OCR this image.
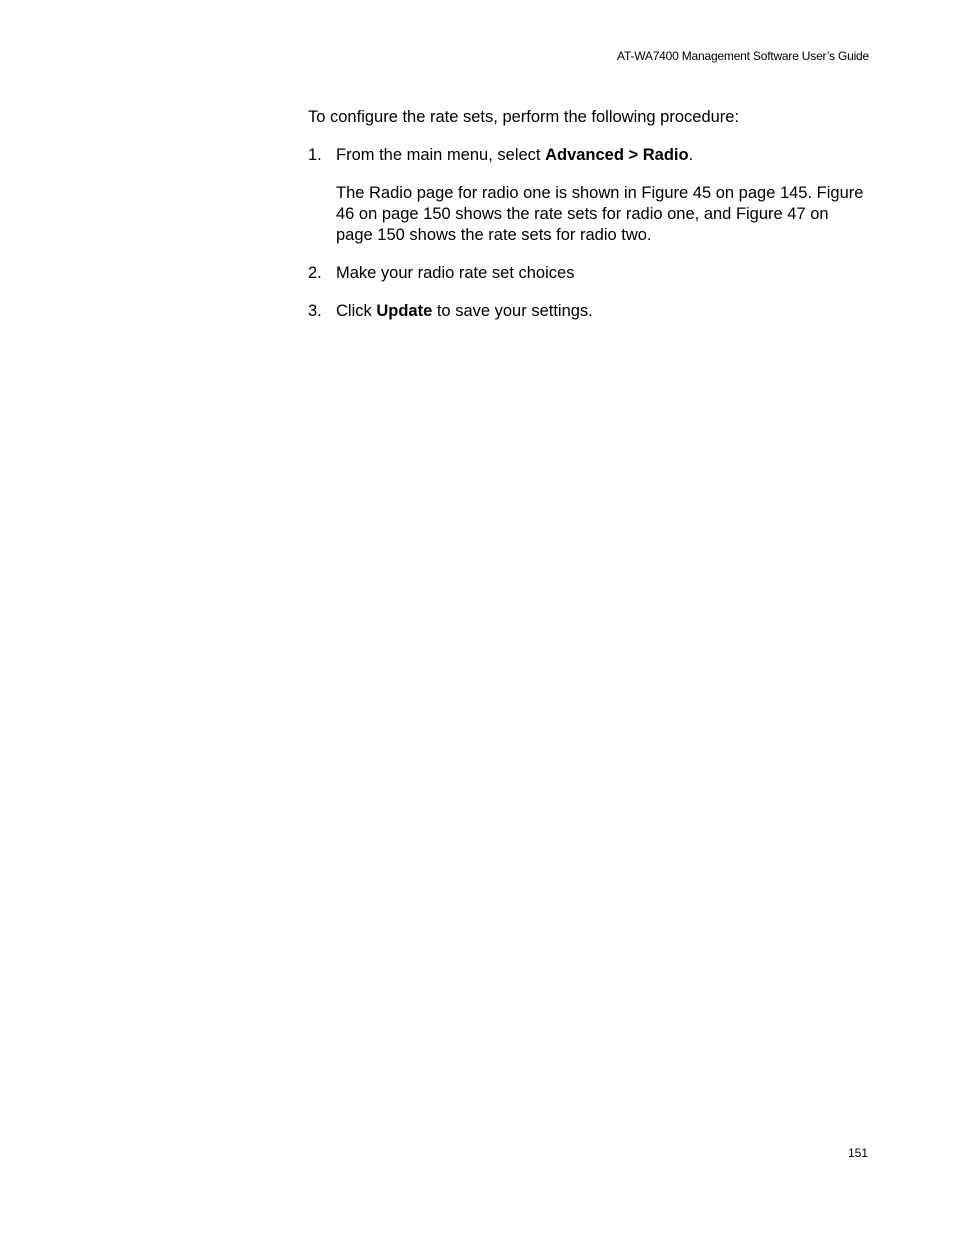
AT-WA7400 Management Software User’s Guide

To configure the rate sets, perform the following procedure:

1. From the main menu, select Advanced > Radio.

The Radio page for radio one is shown in Figure 45 on page 145. Figure 46 on page 150 shows the rate sets for radio one, and Figure 47 on page 150 shows the rate sets for radio two.

2. Make your radio rate set choices
3. Click Update to save your settings.
151
